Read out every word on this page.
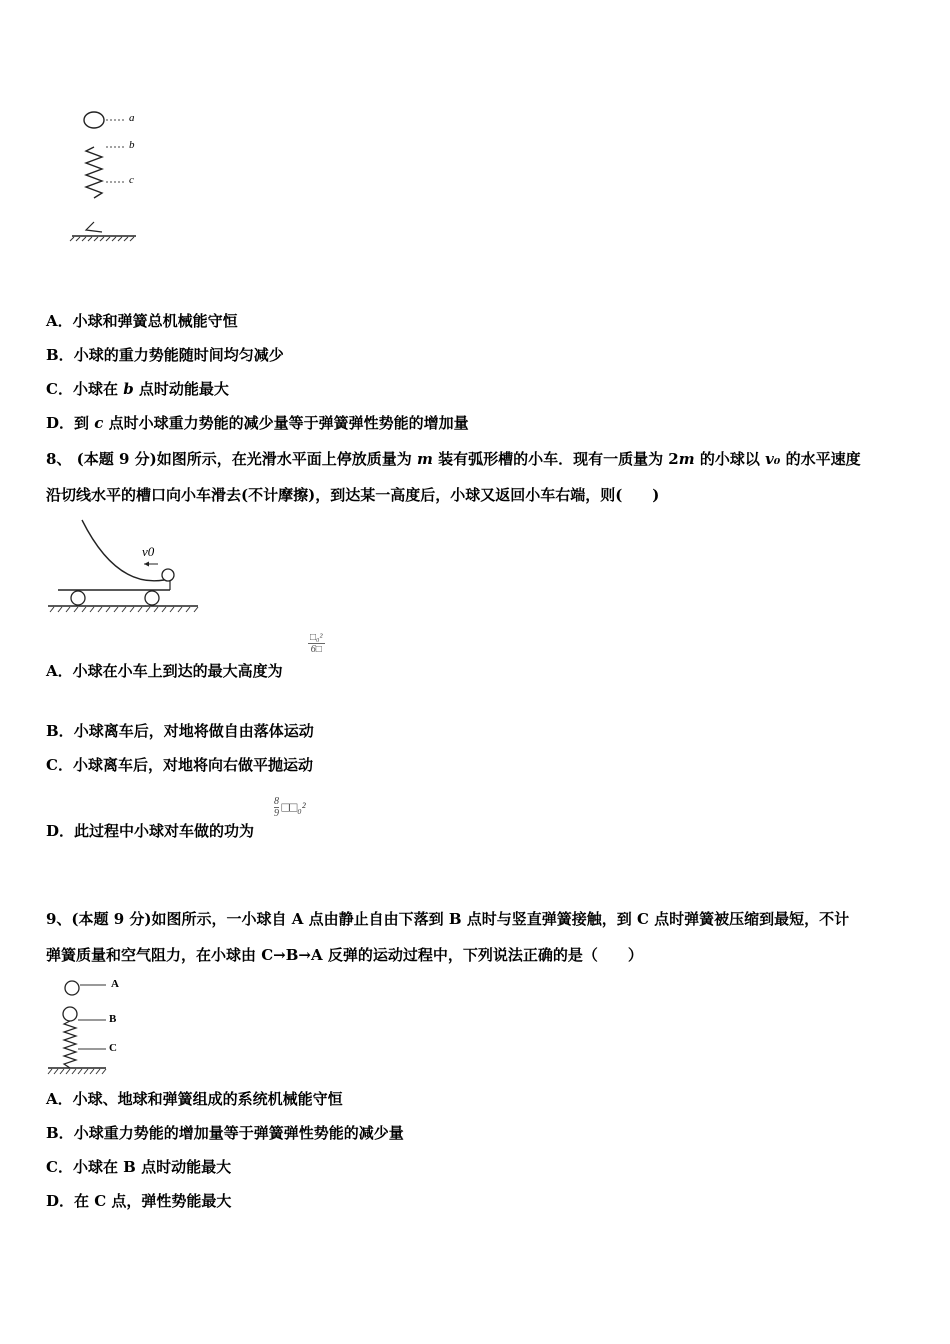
a
b
c
A．小球和弹簧总机械能守恒
B．小球的重力势能随时间均匀减少
C．小球在 b 点时动能最大
D．到 c 点时小球重力势能的减少量等于弹簧弹性势能的增加量
8、 (本题 9 分)如图所示，在光滑水平面上停放质量为 m 装有弧形槽的小车．现有一质量为 2m 的小球以 v₀ 的水平速度
沿切线水平的槽口向小车滑去(不计摩擦)，到达某一高度后，小球又返回小车右端，则(　　)
v0
A．小球在小车上到达的最大高度为
□₀²
6□
B．小球离车后，对地将做自由落体运动
C．小球离车后，对地将向右做平抛运动
D．此过程中小球对车做的功为
$\frac{8}{9}$ □□₀²
9、(本题 9 分)如图所示，一小球自 A 点由静止自由下落到 B 点时与竖直弹簧接触，到 C 点时弹簧被压缩到最短，不计
弹簧质量和空气阻力，在小球由 C→B→A 反弹的运动过程中，下列说法正确的是（　　）
A
B
C
A．小球、地球和弹簧组成的系统机械能守恒
B．小球重力势能的增加量等于弹簧弹性势能的减少量
C．小球在 B 点时动能最大
D．在 C 点，弹性势能最大
